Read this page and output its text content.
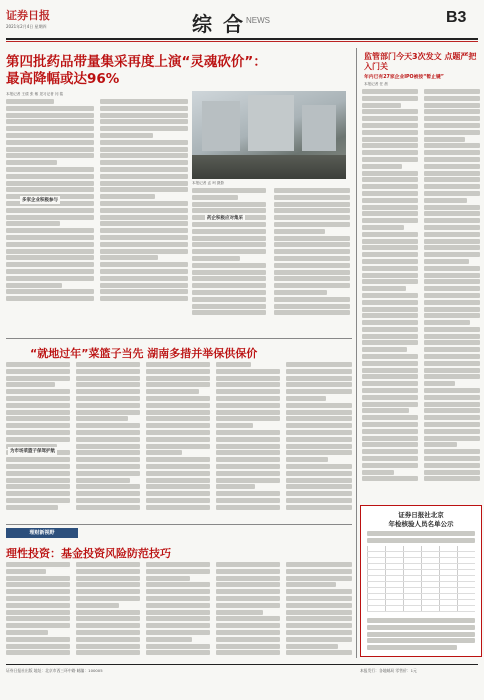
证券日报
2021年2月4日 星期四	综 合 NEWS	B3
第四批药品带量集采再度上演“灵魂砍价”：
最高降幅或达96%
本报记者 王僖 张 敏 见习记者 闫 铭
多家企业积极参与
本报记者 孟 珂 摄影
药企积极应对集采
监管部门今天3次发文 点题严把入门关
年内已有27家企业IPO被按“暂止键”
本报记者 任 晨
“就地过年”菜篮子当先 湖南多措并举保供保价
为市场菜篮子保驾护航
理财新视野
理性投资：基金投资风险防范技巧
证券日报社北京
年检核验人员名单公示
证券日报社出版 地址：北京市西三环中路 邮编：100005	本报发行：各地邮局 零售价：1元
